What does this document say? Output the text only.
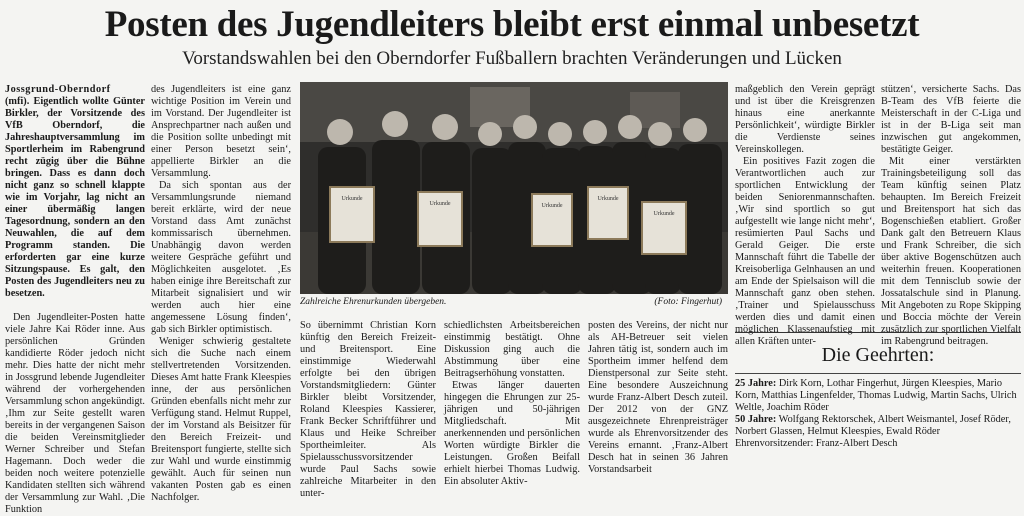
Posten des Jugendleiters bleibt erst einmal unbesetzt
Vorstandswahlen bei den Oberndorfer Fußballern brachten Veränderungen und Lücken

Jossgrund-Oberndorf

(mfi). Eigentlich wollte Günter Birkler, der Vorsitzende des VfB Oberndorf, die Jahreshauptversammlung im Sportlerheim im Rabengrund recht zügig über die Bühne bringen. Dass es dann doch nicht ganz so schnell klappte wie im Vorjahr, lag nicht an einer übermäßig langen Tagesordnung, sondern an den Neuwahlen, die auf dem Programm standen. Die erforderten gar eine kurze Sitzungspause. Es galt, den Posten des Jugendleiters neu zu besetzen.

Den Jugendleiter-Posten hatte viele Jahre Kai Röder inne. Aus persönlichen Gründen kandidierte Röder jedoch nicht mehr. Dies hatte der nicht mehr in Jossgrund lebende Jugendleiter während der vorhergehenden Versammlung schon angekündigt. ‚Ihm zur Seite gestellt waren bereits in der vergangenen Saison die beiden Vereinsmitglieder Werner Schreiber und Stefan Hagemann. Doch weder die beiden noch weitere potenzielle Kandidaten stellten sich während der Versammlung zur Wahl. ‚Die Funktion

des Jugendleiters ist eine ganz wichtige Position im Verein und im Vorstand. Der Jugendleiter ist Ansprechpartner nach außen und die Position sollte unbedingt mit einer Person besetzt sein‘, appellierte Birkler an die Versammlung.

Da sich spontan aus der Versammlungsrunde niemand bereit erklärte, wird der neue Vorstand dass Amt zunächst kommissarisch übernehmen. Unabhängig davon werden weitere Gespräche geführt und Möglichkeiten ausgelotet. ‚Es haben einige ihre Bereitschaft zur Mitarbeit signalisiert und wir werden auch hier eine angemessene Lösung finden‘, gab sich Birkler optimistisch.

Weniger schwierig gestaltete sich die Suche nach einem stellvertretenden Vorsitzenden. Dieses Amt hatte Frank Kleespies inne, der aus persönlichen Gründen ebenfalls nicht mehr zur Verfügung stand. Helmut Ruppel, der im Vorstand als Beisitzer für den Bereich Freizeit- und Breitensport fungierte, stellte sich zur Wahl und wurde einstimmig gewählt. Auch für seinen nun vakanten Posten gab es einen Nachfolger.

Urkunde
Urkunde	Urkunde
Urkunde
Urkunde
Zahlreiche Ehrenurkunden übergeben.	(Foto: Fingerhut)

So übernimmt Christian Korn künftig den Bereich Freizeit- und Breitensport. Eine einstimmige Wiederwahl erfolgte bei den übrigen Vorstandsmitgliedern: Günter Birkler bleibt Vorsitzender, Roland Kleespies Kassierer, Frank Becker Schriftführer und Klaus und Heike Schreiber Sportheimleiter. Als Spielausschussvorsitzender wurde Paul Sachs sowie zahlreiche Mitarbeiter in den unter-

schiedlichsten Arbeitsbereichen einstimmig bestätigt. Ohne Diskussion ging auch die Abstimmung über eine Beitragserhöhung vonstatten.

Etwas länger dauerten hingegen die Ehrungen zur 25-jährigen und 50-jährigen Mitgliedschaft. Mit anerkennenden und persönlichen Worten würdigte Birkler die Leistungen. Großen Beifall erhielt hierbei Thomas Ludwig. Ein absoluter Aktiv-

posten des Vereins, der nicht nur als AH-Betreuer seit vielen Jahren tätig ist, sondern auch im Sportheim immer helfend dem Dienstpersonal zur Seite steht. Eine besondere Auszeichnung wurde Franz-Albert Desch zuteil. Der 2012 von der GNZ ausgezeichnete Ehrenpreisträger wurde als Ehrenvorsitzender des Vereins ernannt. ‚Franz-Albert Desch hat in seinen 36 Jahren Vorstandsarbeit

maßgeblich den Verein geprägt und ist über die Kreisgrenzen hinaus eine anerkannte Persönlichkeit‘, würdigte Birkler die Verdienste seines Vereinskollegen.

Ein positives Fazit zogen die Verantwortlichen auch zur sportlichen Entwicklung der beiden Seniorenmannschaften. ‚Wir sind sportlich so gut aufgestellt wie lange nicht mehr‘, resümierten Paul Sachs und Gerald Geiger. Die erste Mannschaft führt die Tabelle der Kreisoberliga Gelnhausen an und am Ende der Spielsaison will die Mannschaft ganz oben stehen. ‚Trainer und Spielausschuss werden dies und damit einen möglichen Klassenaufstieg mit allen Kräften unter-

stützen‘, versicherte Sachs. Das B-Team des VfB feierte die Meisterschaft in der C-Liga und ist in der B-Liga seit man inzwischen gut angekommen, bestätigte Geiger.

Mit einer verstärkten Trainingsbeteiligung soll das Team künftig seinen Platz behaupten. Im Bereich Freizeit und Breitensport hat sich das Bogenschießen etabliert. Großer Dank galt den Betreuern Klaus und Frank Schreiber, die sich über aktive Bogenschützen auch weiterhin freuen. Kooperationen mit dem Tennisclub sowie der Jossatalschule sind in Planung. Mit Angeboten zu Rope Skipping und Boccia möchte der Verein zusätzlich zur sportlichen Vielfalt im Rabengrund beitragen.

Die Geehrten:
25 Jahre: Dirk Korn, Lothar Fingerhut, Jürgen Kleespies, Mario Korn, Matthias Lingenfelder, Thomas Ludwig, Martin Sachs, Ulrich Weltle, Joachim Röder
50 Jahre: Wolfgang Rektorschek, Albert Weismantel, Josef Röder, Norbert Glassen, Helmut Kleespies, Ewald Röder
Ehrenvorsitzender: Franz-Albert Desch
